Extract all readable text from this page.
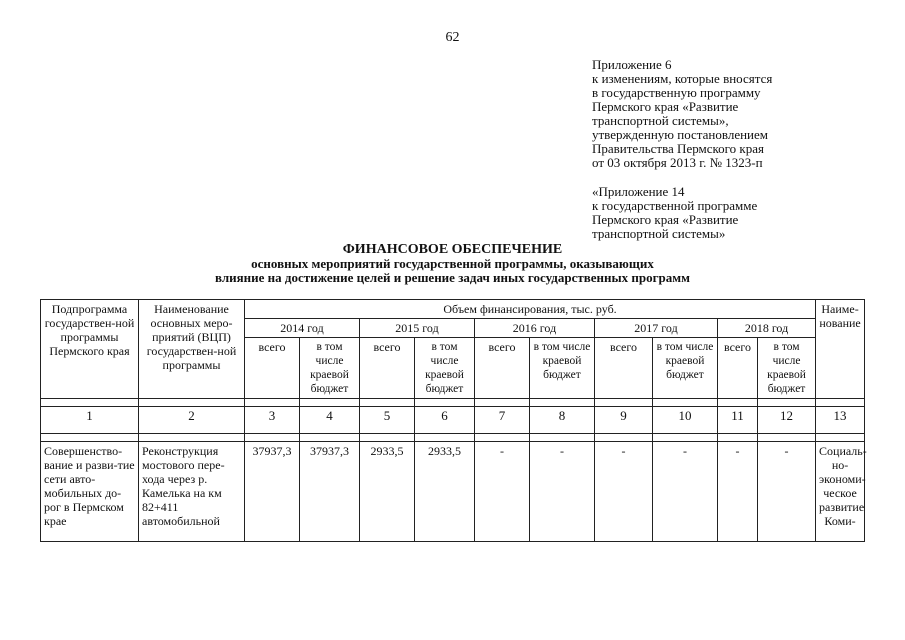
62
Приложение 6
к изменениям, которые вносятся
в государственную программу
Пермского края «Развитие
транспортной системы»,
утвержденную постановлением
Правительства Пермского края
от 03 октября 2013 г. № 1323-п
«Приложение 14
к государственной программе
Пермского края «Развитие
транспортной системы»
ФИНАНСОВОЕ ОБЕСПЕЧЕНИЕ
основных мероприятий государственной программы, оказывающих
влияние на достижение целей и решение задач иных государственных программ
Подпрограмма государствен-ной программы Пермского края	Наименование основных меро-приятий (ВЦП) государствен-ной программы	Объем финансирования, тыс. руб.										Наиме-нование
		2014 год		2015 год		2016 год		2017 год		2018 год		
		всего	в том числе краевой бюджет	всего	в том числе краевой бюджет	всего	в том числе краевой бюджет	всего	в том числе краевой бюджет	всего	в том числе краевой бюджет	

1	2	3	4	5	6	7	8	9	10	11	12	13

Совершенство-вание и разви-тие сети авто-мобильных до-рог в Пермском крае	Реконструкция мостового пере-хода через р. Камелька на км 82+411 автомобильной	37937,3	37937,3	2933,5	2933,5	-	-	-	-	-	-	Социаль-но-экономи-ческое развитие Коми-
